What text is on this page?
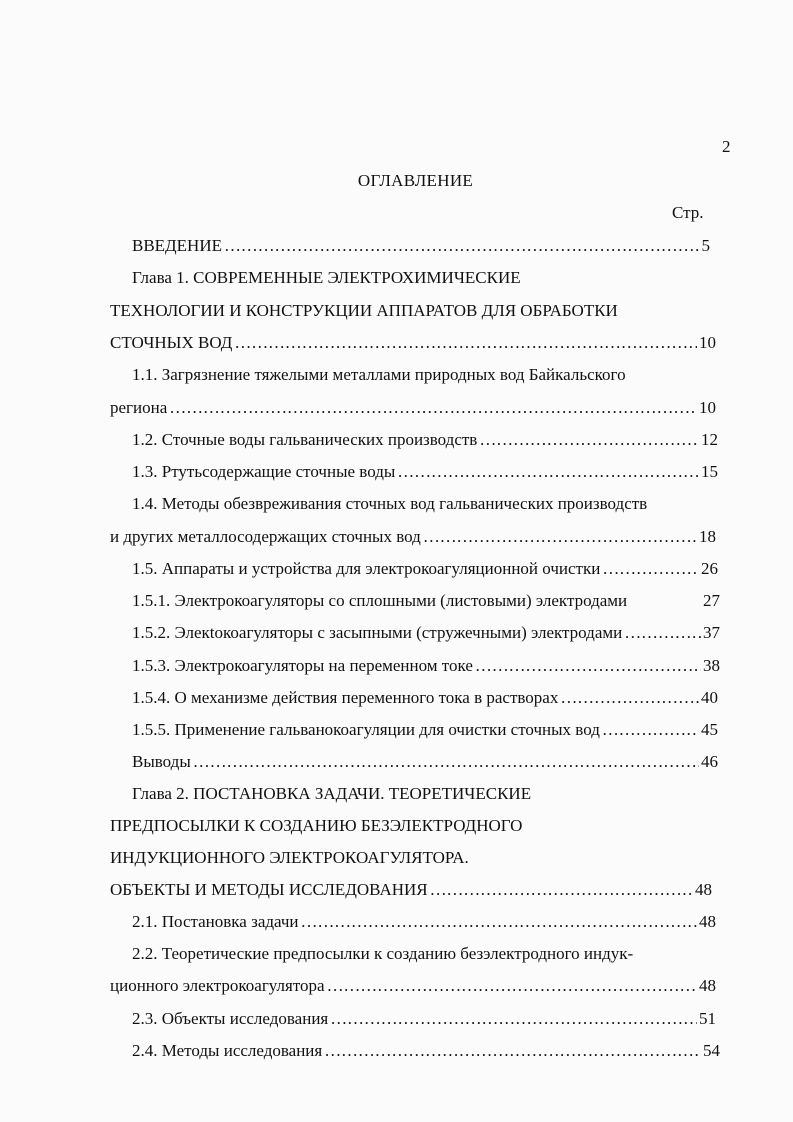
2
ОГЛАВЛЕНИЕ
Стр.
ВВЕДЕНИЕ ……………………………………………………………………………………………………………………………………………………………………………	5
Глава 1. СОВРЕМЕННЫЕ ЭЛЕКТРОХИМИЧЕСКИЕ
ТЕХНОЛОГИИ И КОНСТРУКЦИИ АППАРАТОВ ДЛЯ ОБРАБОТКИ
СТОЧНЫХ ВОД ……………………………………………………………………………………………………………………………………………………………………………	10
1.1. Загрязнение тяжелыми металлами природных вод Байкальского
региона ……………………………………………………………………………………………………………………………………………………………………………	10
1.2. Сточные воды гальванических производств ……………………………………………………………………………………………………………………………………………………………………………	12
1.3. Ртутьсодержащие сточные воды ……………………………………………………………………………………………………………………………………………………………………………	15
1.4. Методы обезвреживания сточных вод гальванических производств
и других металлосодержащих сточных вод ……………………………………………………………………………………………………………………………………………………………………………	18
1.5. Аппараты и устройства для электрокоагуляционной очистки ……………………………………………………………………………………………………………………………………………………………………………	26
1.5.1. Электрокоагуляторы со сплошными (листовыми) электродами	27
1.5.2. Элекtокоагуляторы с засыпными (стружечными) электродами ……………………………………………………………………………………………………………………………………………………………………………	37
1.5.3. Электрокоагуляторы на переменном токе ……………………………………………………………………………………………………………………………………………………………………………	38
1.5.4. О механизме действия переменного тока в растворах ……………………………………………………………………………………………………………………………………………………………………………	40
1.5.5. Применение гальванокоагуляции для очистки сточных вод ……………………………………………………………………………………………………………………………………………………………………………	45
Выводы ……………………………………………………………………………………………………………………………………………………………………………	46
Глава 2. ПОСТАНОВКА ЗАДАЧИ. ТЕОРЕТИЧЕСКИЕ
ПРЕДПОСЫЛКИ К СОЗДАНИЮ БЕЗЭЛЕКТРОДНОГО
ИНДУКЦИОННОГО ЭЛЕКТРОКОАГУЛЯТОРА.
ОБЪЕКТЫ И МЕТОДЫ ИССЛЕДОВАНИЯ ……………………………………………………………………………………………………………………………………………………………………………	48
2.1. Постановка задачи ……………………………………………………………………………………………………………………………………………………………………………	48
2.2. Теоретические предпосылки к созданию безэлектродного индук-
ционного электрокоагулятора ……………………………………………………………………………………………………………………………………………………………………………	48
2.3. Объекты исследования ……………………………………………………………………………………………………………………………………………………………………………	51
2.4. Методы исследования ……………………………………………………………………………………………………………………………………………………………………………	54
